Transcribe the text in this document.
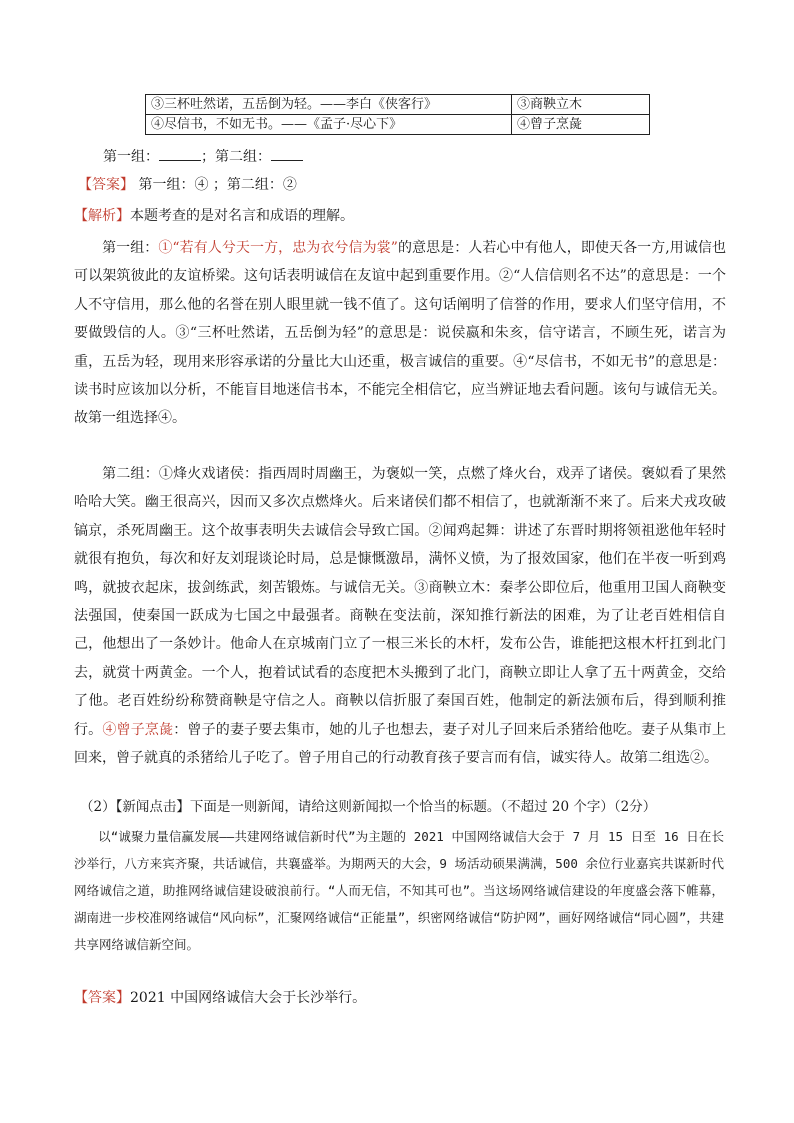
③三杯吐然诺，五岳倒为轻。——李白《侠客行》	③商鞅立木
④尽信书，不如无书。——《孟子·尽心下》	④曾子烹彘
第一组：	；第二组：
【答案】 第一组：④ ；第二组：②
【解析】本题考查的是对名言和成语的理解。
第一组：①“若有人兮天一方，忠为衣兮信为裳”的意思是：人若心中有他人，即使天各一方,用诚信也可以架筑彼此的友谊桥梁。这句话表明诚信在友谊中起到重要作用。②“人信信则名不达”的意思是：一个人不守信用，那么他的名誉在别人眼里就一钱不值了。这句话阐明了信誉的作用，要求人们坚守信用，不要做毁信的人。③“三杯吐然诺，五岳倒为轻”的意思是：说侯嬴和朱亥，信守诺言，不顾生死，诺言为重，五岳为轻，现用来形容承诺的分量比大山还重，极言诚信的重要。④“尽信书，不如无书”的意思是：读书时应该加以分析，不能盲目地迷信书本，不能完全相信它，应当辨证地去看问题。该句与诚信无关。故第一组选择④。
第二组：①烽火戏诸侯：指西周时周幽王，为褒姒一笑，点燃了烽火台，戏弄了诸侯。褒姒看了果然哈哈大笑。幽王很高兴，因而又多次点燃烽火。后来诸侯们都不相信了，也就渐渐不来了。后来犬戎攻破镐京，杀死周幽王。这个故事表明失去诚信会导致亡国。②闻鸡起舞：讲述了东晋时期将领祖逖他年轻时就很有抱负，每次和好友刘琨谈论时局，总是慷慨激昂，满怀义愤，为了报效国家，他们在半夜一听到鸡鸣，就披衣起床，拔剑练武，刻苦锻炼。与诚信无关。③商鞅立木：秦孝公即位后，他重用卫国人商鞅变法强国，使秦国一跃成为七国之中最强者。商鞅在变法前，深知推行新法的困难，为了让老百姓相信自己，他想出了一条妙计。他命人在京城南门立了一根三米长的木杆，发布公告，谁能把这根木杆扛到北门去，就赏十两黄金。一个人，抱着试试看的态度把木头搬到了北门，商鞅立即让人拿了五十两黄金，交给了他。老百姓纷纷称赞商鞅是守信之人。商鞅以信折服了秦国百姓，他制定的新法颁布后，得到顺利推行。④曾子烹彘：曾子的妻子要去集市，她的儿子也想去，妻子对儿子回来后杀猪给他吃。妻子从集市上回来，曾子就真的杀猪给儿子吃了。曾子用自己的行动教育孩子要言而有信，诚实待人。故第二组选②。
（2）【新闻点击】下面是一则新闻，请给这则新闻拟一个恰当的标题。（不超过 20 个字）（2分）
以“诚聚力量信赢发展——共建网络诚信新时代”为主题的 2021 中国网络诚信大会于 7 月 15 日至 16 日在长沙举行，八方来宾齐聚，共话诚信，共襄盛举。为期两天的大会，9 场活动硕果满满，500 余位行业嘉宾共谋新时代网络诚信之道，助推网络诚信建设破浪前行。“人而无信，不知其可也”。当这场网络诚信建设的年度盛会落下帷幕，湖南进一步校准网络诚信“风向标”，汇聚网络诚信“正能量”，织密网络诚信“防护网”，画好网络诚信“同心圆”，共建共享网络诚信新空间。
【答案】2021 中国网络诚信大会于长沙举行。
